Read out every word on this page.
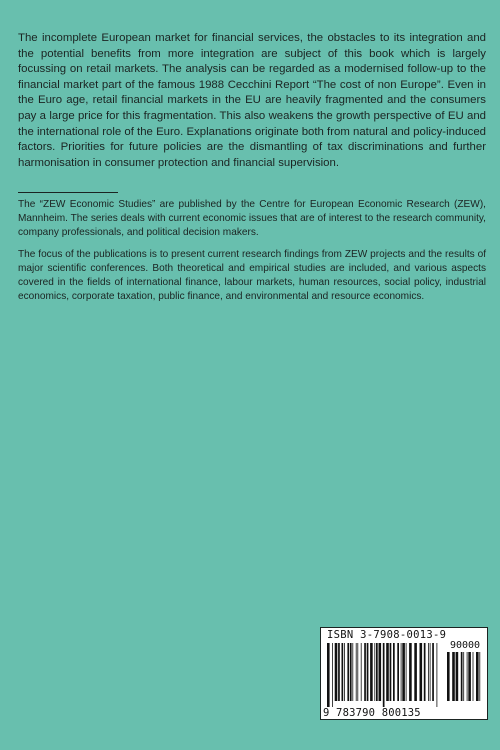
The incomplete European market for financial services, the obstacles to its integration and the potential benefits from more integration are subject of this book which is largely focussing on retail markets. The analysis can be regarded as a modernised follow-up to the financial market part of the famous 1988 Cecchini Report “The cost of non Europe”. Even in the Euro age, retail financial markets in the EU are heavily fragmented and the consumers pay a large price for this fragmentation. This also weakens the growth perspective of EU and the international role of the Euro. Explanations originate both from natural and policy-induced factors. Priorities for future policies are the dismantling of tax discriminations and further harmonisation in consumer protection and financial supervision.

The “ZEW Economic Studies” are published by the Centre for European Economic Research (ZEW), Mannheim. The series deals with current economic issues that are of interest to the research community, company professionals, and political decision makers.

The focus of the publications is to present current research findings from ZEW projects and the results of major scientific conferences. Both theoretical and empirical studies are included, and various aspects covered in the fields of international finance, labour markets, human resources, social policy, industrial economics, corporate taxation, public finance, and environmental and resource economics.

ISBN 3-7908-0013-9
90000
9 783790 800135
